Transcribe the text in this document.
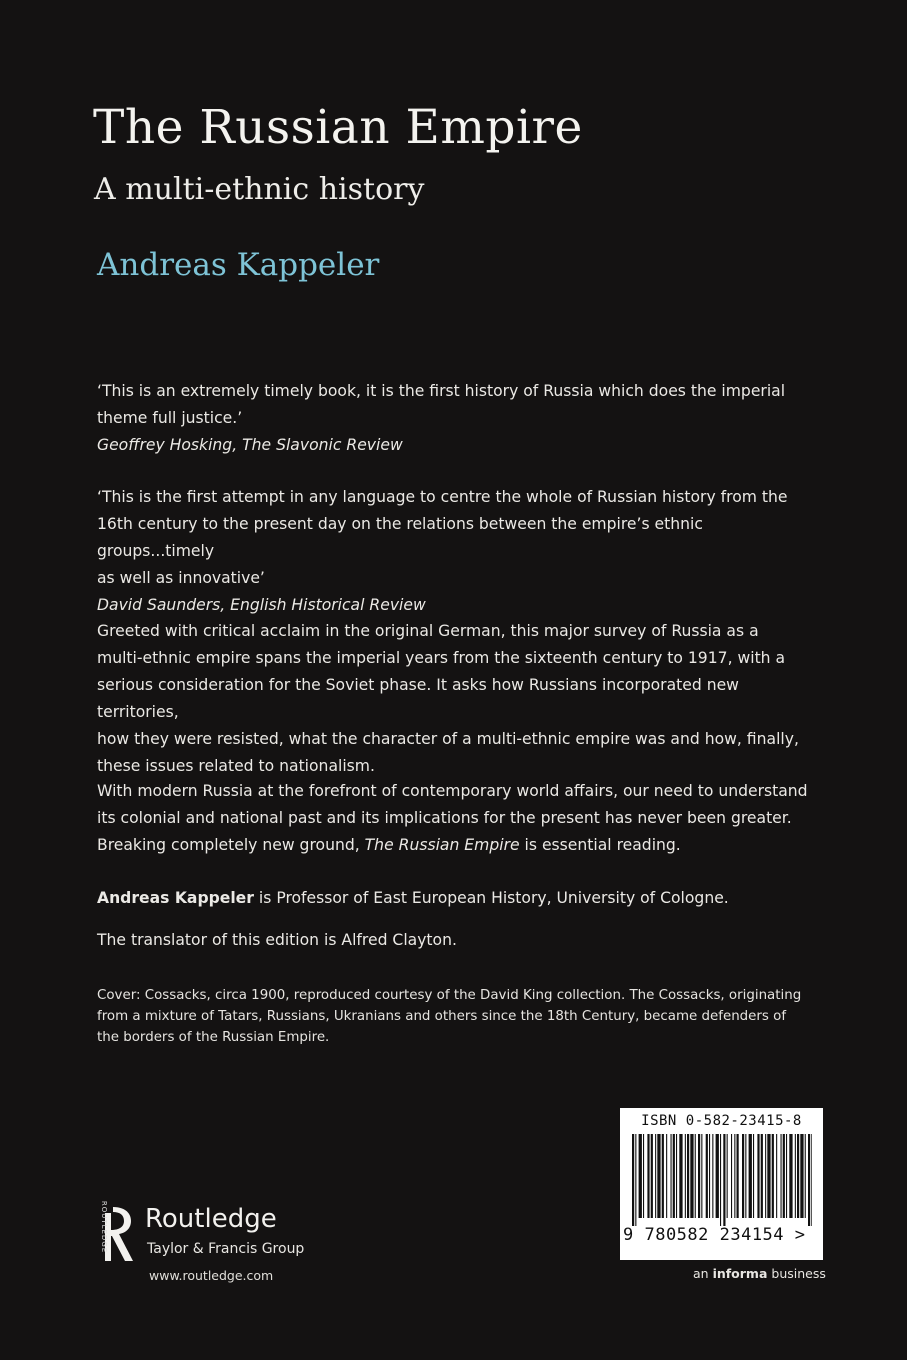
The Russian Empire
A multi-ethnic history
Andreas Kappeler

‘This is an extremely timely book, it is the first history of Russia which does the imperial

theme full justice.’

Geoffrey Hosking, The Slavonic Review

‘This is the first attempt in any language to centre the whole of Russian history from the

16th century to the present day on the relations between the empire’s ethnic groups...timely

as well as innovative’

David Saunders, English Historical Review

Greeted with critical acclaim in the original German, this major survey of Russia as a

multi-ethnic empire spans the imperial years from the sixteenth century to 1917, with a

serious consideration for the Soviet phase. It asks how Russians incorporated new territories,

how they were resisted, what the character of a multi-ethnic empire was and how, finally,

these issues related to nationalism.

With modern Russia at the forefront of contemporary world affairs, our need to understand

its colonial and national past and its implications for the present has never been greater.

Breaking completely new ground, The Russian Empire is essential reading.

Andreas Kappeler is Professor of East European History, University of Cologne.

The translator of this edition is Alfred Clayton.

Cover: Cossacks, circa 1900, reproduced courtesy of the David King collection. The Cossacks, originating

from a mixture of Tatars, Russians, Ukranians and others since the 18th Century, became defenders of

the borders of the Russian Empire.

ROUTLEDGE Routledge
Taylor & Francis Group
www.routledge.com
ISBN 0-582-23415-8
9 780582 234154 >
an informa business
